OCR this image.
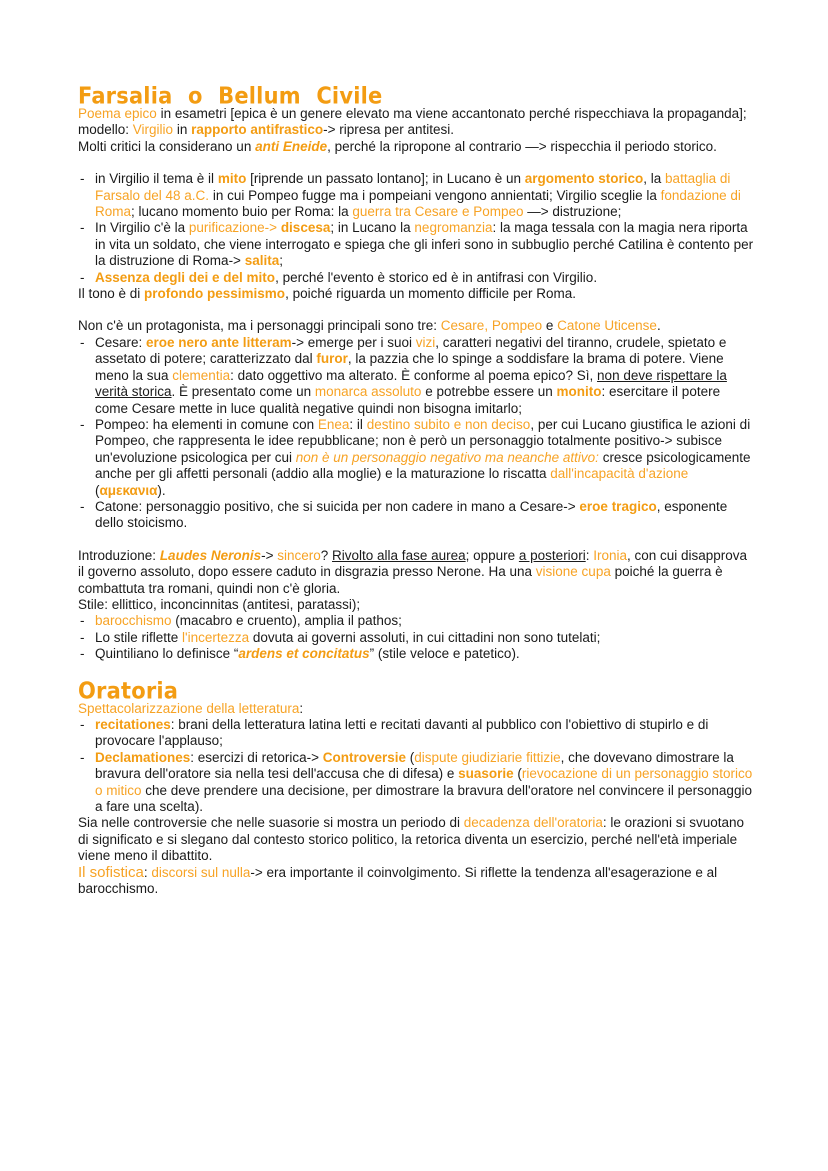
Farsalia o Bellum Civile

Poema epico in esametri [epica è un genere elevato ma viene accantonato perché rispecchiava la propaganda]; modello: Virgilio in rapporto antifrastico-> ripresa per antitesi.
Molti critici la considerano un anti Eneide, perché la ripropone al contrario —> rispecchia il periodo storico.

- in Virgilio il tema è il mito [riprende un passato lontano]; in Lucano è un argomento storico, la battaglia di Farsalo del 48 a.C. in cui Pompeo fugge ma i pompeiani vengono annientati; Virgilio sceglie la fondazione di Roma; lucano momento buio per Roma: la guerra tra Cesare e Pompeo —> distruzione;
- In Virgilio c'è la purificazione-> discesa; in Lucano la negromanzia: la maga tessala con la magia nera riporta in vita un soldato, che viene interrogato e spiega che gli inferi sono in subbuglio perché Catilina è contento per la distruzione di Roma-> salita;
- Assenza degli dei e del mito, perché l'evento è storico ed è in antifrasi con Virgilio.

Il tono è di profondo pessimismo, poiché riguarda un momento difficile per Roma.

Non c'è un protagonista, ma i personaggi principali sono tre: Cesare, Pompeo e Catone Uticense.

- Cesare: eroe nero ante litteram-> emerge per i suoi vizi, caratteri negativi del tiranno, crudele, spietato e assetato di potere; caratterizzato dal furor, la pazzia che lo spinge a soddisfare la brama di potere. Viene meno la sua clementia: dato oggettivo ma alterato. È conforme al poema epico? Sì, non deve rispettare la verità storica. È presentato come un monarca assoluto e potrebbe essere un monito: esercitare il potere come Cesare mette in luce qualità negative quindi non bisogna imitarlo;
- Pompeo: ha elementi in comune con Enea: il destino subito e non deciso, per cui Lucano giustifica le azioni di Pompeo, che rappresenta le idee repubblicane; non è però un personaggio totalmente positivo-> subisce un'evoluzione psicologica per cui non è un personaggio negativo ma neanche attivo: cresce psicologicamente anche per gli affetti personali (addio alla moglie) e la maturazione lo riscatta dall'incapacità d'azione (αμεκανια).
- Catone: personaggio positivo, che si suicida per non cadere in mano a Cesare-> eroe tragico, esponente dello stoicismo.

Introduzione: Laudes Neronis-> sincero? Rivolto alla fase aurea; oppure a posteriori: Ironia, con cui disapprova il governo assoluto, dopo essere caduto in disgrazia presso Nerone. Ha una visione cupa poiché la guerra è combattuta tra romani, quindi non c'è gloria.

Stile: ellittico, inconcinnitas (antitesi, paratassi);

- barocchismo (macabro e cruento), amplia il pathos;
- Lo stile riflette l'incertezza dovuta ai governi assoluti, in cui cittadini non sono tutelati;
- Quintiliano lo definisce “ardens et concitatus” (stile veloce e patetico).
Oratoria

Spettacolarizzazione della letteratura:

- recitationes: brani della letteratura latina letti e recitati davanti al pubblico con l'obiettivo di stupirlo e di provocare l'applauso;
- Declamationes: esercizi di retorica-> Controversie (dispute giudiziarie fittizie, che dovevano dimostrare la bravura dell'oratore sia nella tesi dell'accusa che di difesa) e suasorie (rievocazione di un personaggio storico o mitico che deve prendere una decisione, per dimostrare la bravura dell'oratore nel convincere il personaggio a fare una scelta).

Sia nelle controversie che nelle suasorie si mostra un periodo di decadenza dell'oratoria: le orazioni si svuotano di significato e si slegano dal contesto storico politico, la retorica diventa un esercizio, perché nell'età imperiale viene meno il dibattito.

Il sofistica: discorsi sul nulla-> era importante il coinvolgimento. Si riflette la tendenza all'esagerazione e al barocchismo.
